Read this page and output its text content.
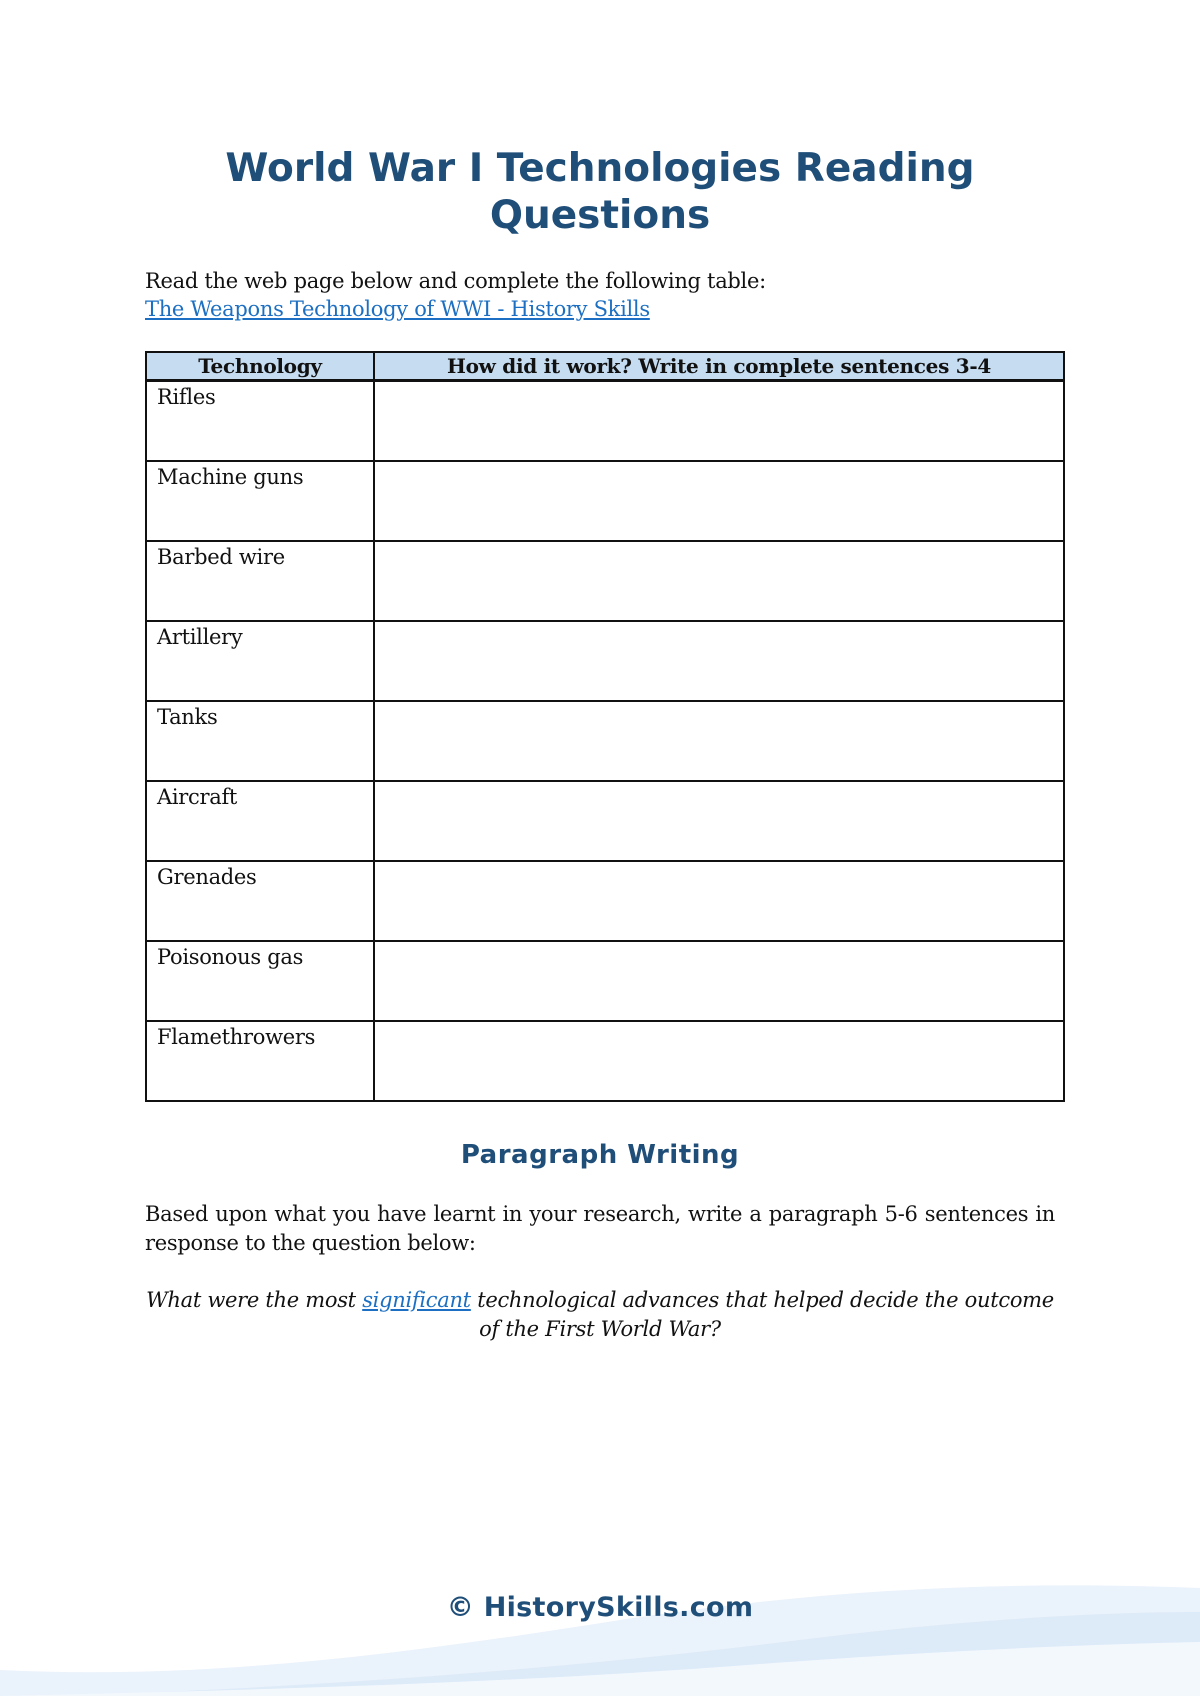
World War I Technologies Reading
Questions
Read the web page below and complete the following table:
The Weapons Technology of WWI - History Skills
Technology	How did it work? Write in complete sentences 3-4
Rifles	
Machine guns	
Barbed wire	
Artillery	
Tanks	
Aircraft	
Grenades	
Poisonous gas	
Flamethrowers	
Paragraph Writing
Based upon what you have learnt in your research, write a paragraph 5-6 sentences in response to the question below:
What were the most significant technological advances that helped decide the outcome of the First World War?
© HistorySkills.com
